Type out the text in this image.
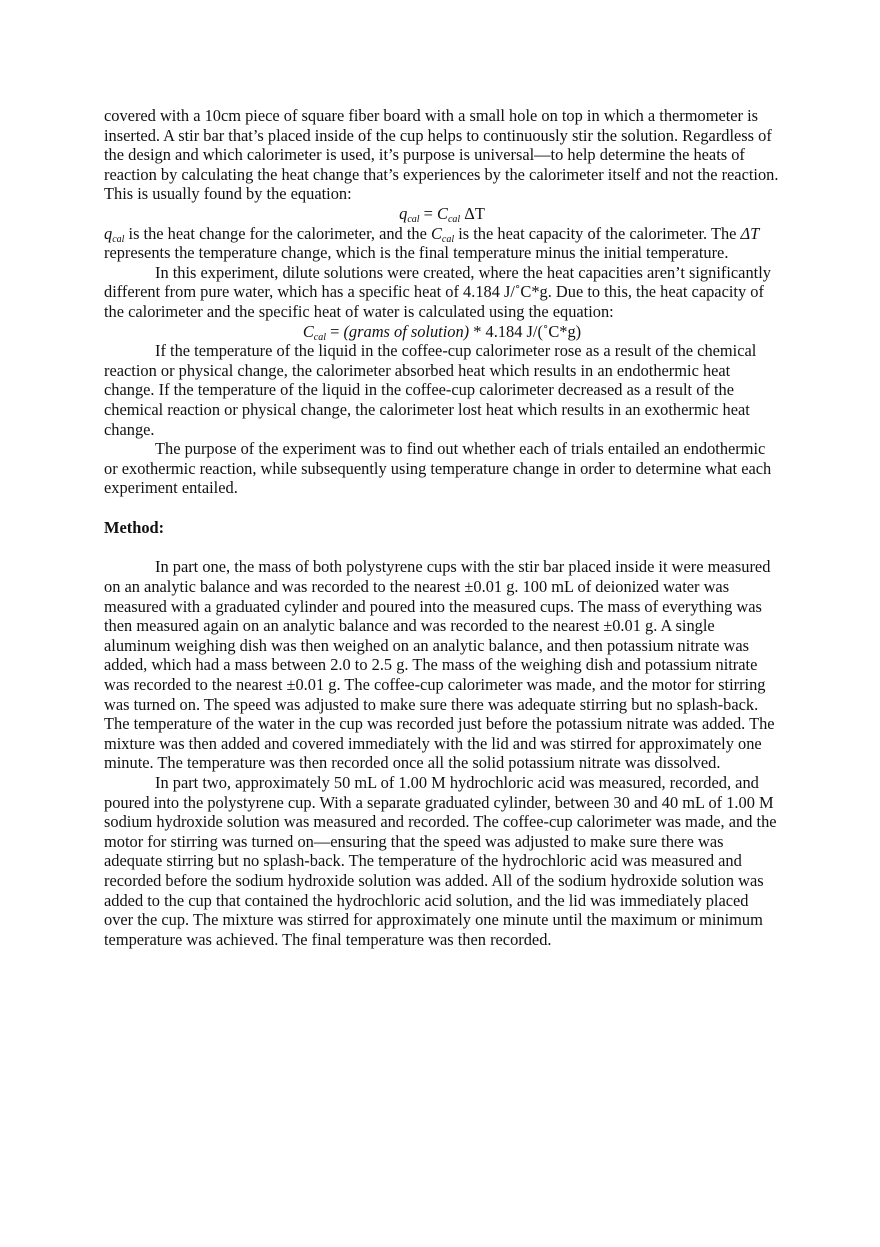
covered with a 10cm piece of square fiber board with a small hole on top in which a thermometer is inserted. A stir bar that’s placed inside of the cup helps to continuously stir the solution. Regardless of the design and which calorimeter is used, it’s purpose is universal—to help determine the heats of reaction by calculating the heat change that’s experiences by the calorimeter itself and not the reaction. This is usually found by the equation:

$q_{cal} = C_{cal}$ ΔT

$q_{cal}$ is the heat change for the calorimeter, and the $C_{cal}$ is the heat capacity of the calorimeter. The ΔT represents the temperature change, which is the final temperature minus the initial temperature.

In this experiment, dilute solutions were created, where the heat capacities aren’t significantly different from pure water, which has a specific heat of 4.184 J/˚C*g. Due to this, the heat capacity of the calorimeter and the specific heat of water is calculated using the equation:

$C_{cal}$ = (grams of solution) * 4.184 J/(˚C*g)

If the temperature of the liquid in the coffee-cup calorimeter rose as a result of the chemical reaction or physical change, the calorimeter absorbed heat which results in an endothermic heat change. If the temperature of the liquid in the coffee-cup calorimeter decreased as a result of the chemical reaction or physical change, the calorimeter lost heat which results in an exothermic heat change.

The purpose of the experiment was to find out whether each of trials entailed an endothermic or exothermic reaction, while subsequently using temperature change in order to determine what each experiment entailed.

Method:

In part one, the mass of both polystyrene cups with the stir bar placed inside it were measured on an analytic balance and was recorded to the nearest ±0.01 g. 100 mL of deionized water was measured with a graduated cylinder and poured into the measured cups. The mass of everything was then measured again on an analytic balance and was recorded to the nearest ±0.01 g. A single aluminum weighing dish was then weighed on an analytic balance, and then potassium nitrate was added, which had a mass between 2.0 to 2.5 g. The mass of the weighing dish and potassium nitrate was recorded to the nearest ±0.01 g. The coffee-cup calorimeter was made, and the motor for stirring was turned on. The speed was adjusted to make sure there was adequate stirring but no splash-back. The temperature of the water in the cup was recorded just before the potassium nitrate was added. The mixture was then added and covered immediately with the lid and was stirred for approximately one minute. The temperature was then recorded once all the solid potassium nitrate was dissolved.

In part two, approximately 50 mL of 1.00 M hydrochloric acid was measured, recorded, and poured into the polystyrene cup. With a separate graduated cylinder, between 30 and 40 mL of 1.00 M sodium hydroxide solution was measured and recorded. The coffee-cup calorimeter was made, and the motor for stirring was turned on—ensuring that the speed was adjusted to make sure there was adequate stirring but no splash-back. The temperature of the hydrochloric acid was measured and recorded before the sodium hydroxide solution was added. All of the sodium hydroxide solution was added to the cup that contained the hydrochloric acid solution, and the lid was immediately placed over the cup. The mixture was stirred for approximately one minute until the maximum or minimum temperature was achieved. The final temperature was then recorded.
